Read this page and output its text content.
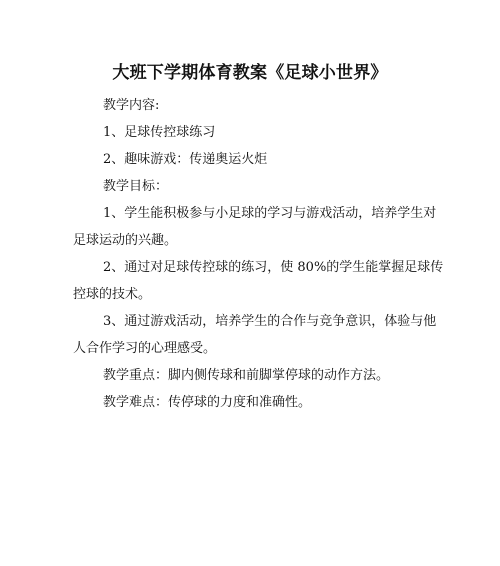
大班下学期体育教案《足球小世界》
教学内容:
1、足球传控球练习
2、趣味游戏：传递奥运火炬
教学目标：
1、学生能积极参与小足球的学习与游戏活动，培养学生对
足球运动的兴趣。
2、通过对足球传控球的练习，使 80%的学生能掌握足球传
控球的技术。
3、通过游戏活动，培养学生的合作与竞争意识，体验与他
人合作学习的心理感受。
教学重点：脚内侧传球和前脚掌停球的动作方法。
教学难点：传停球的力度和准确性。
